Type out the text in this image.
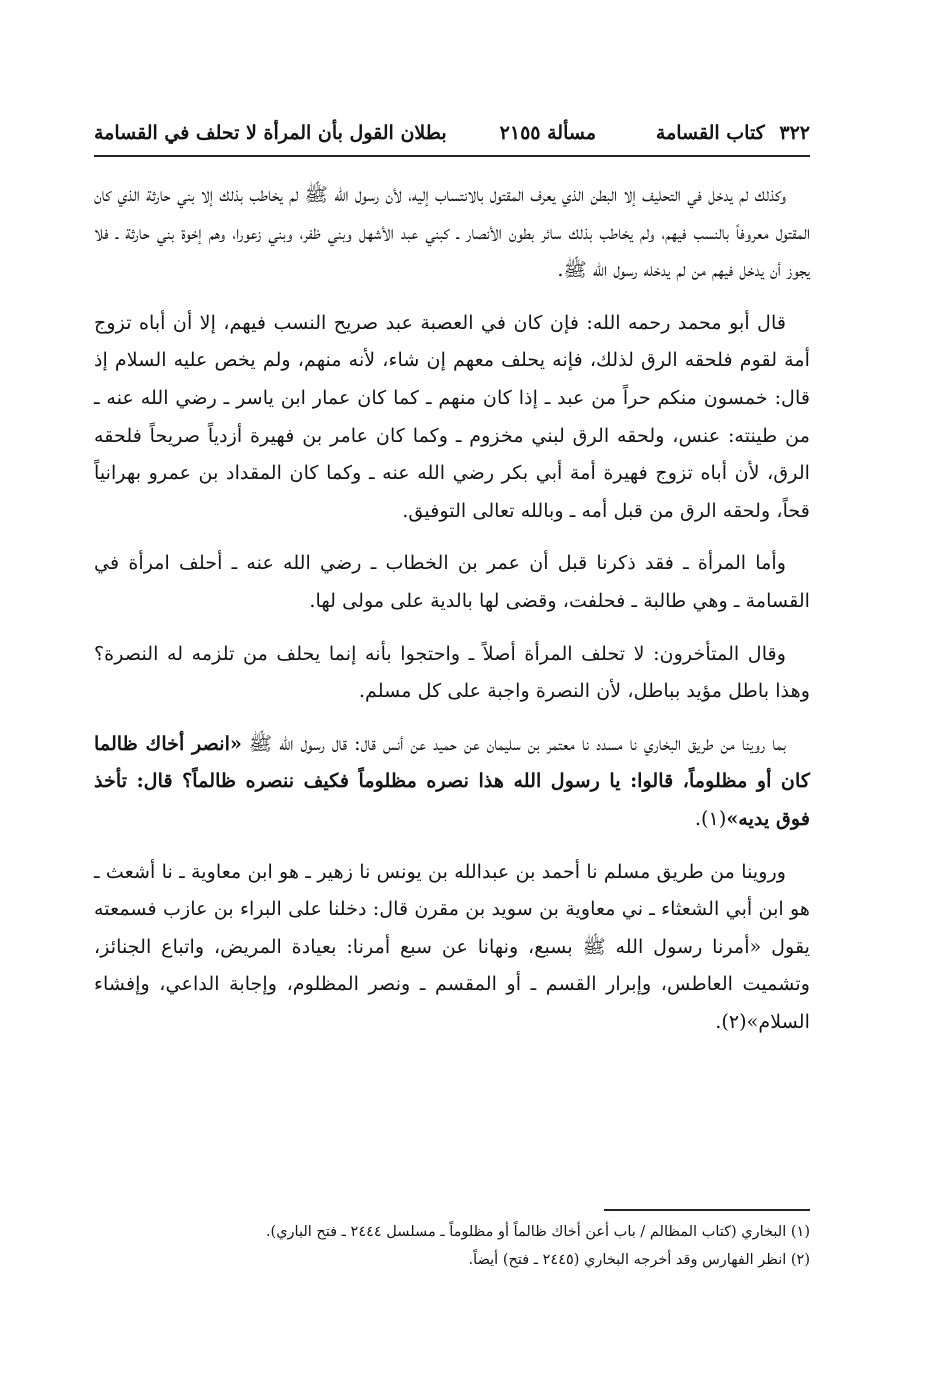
٣٢٢ كتاب القسامة
مسألة ٢١٥٥
بطلان القول بأن المرأة لا تحلف في القسامة

وكذلك لم يدخل في التحليف إلا البطن الذي يعرف المقتول بالانتساب إليه، لأن رسول الله ﷺ لم يخاطب بذلك إلا بني حارثة الذي كان المقتول معروفاً بالنسب فيهم، ولم يخاطب بذلك سائر بطون الأنصار ـ كبني عبد الأشهل وبني ظفر، وبني زعورا، وهم إخوة بني حارثة ـ فلا يجوز أن يدخل فيهم من لم يدخله رسول الله ﷺ.

قال أبو محمد رحمه الله: فإن كان في العصبة عبد صريح النسب فيهم، إلا أن أباه تزوج أمة لقوم فلحقه الرق لذلك، فإنه يحلف معهم إن شاء، لأنه منهم، ولم يخص عليه السلام إذ قال: خمسون منكم حراً من عبد ـ إذا كان منهم ـ كما كان عمار ابن ياسر ـ رضي الله عنه ـ من طينته: عنس، ولحقه الرق لبني مخزوم ـ وكما كان عامر بن فهيرة أزدياً صريحاً فلحقه الرق، لأن أباه تزوج فهيرة أمة أبي بكر رضي الله عنه ـ وكما كان المقداد بن عمرو بهرانياً قحاً، ولحقه الرق من قبل أمه ـ وبالله تعالى التوفيق.

وأما المرأة ـ فقد ذكرنا قبل أن عمر بن الخطاب ـ رضي الله عنه ـ أحلف امرأة في القسامة ـ وهي طالبة ـ فحلفت، وقضى لها بالدية على مولى لها.

وقال المتأخرون: لا تحلف المرأة أصلاً ـ واحتجوا بأنه إنما يحلف من تلزمه له النصرة؟ وهذا باطل مؤيد بباطل، لأن النصرة واجبة على كل مسلم.

بما روينا من طريق البخاري نا مسدد نا معتمر بن سليمان عن حميد عن أنس قال: قال رسول الله ﷺ «انصر أخاك ظالما كان أو مظلوماً، قالوا: يا رسول الله هذا نصره مظلوماً فكيف ننصره ظالماً؟ قال: تأخذ فوق يديه»(١).

وروينا من طريق مسلم نا أحمد بن عبدالله بن يونس نا زهير ـ هو ابن معاوية ـ نا أشعث ـ هو ابن أبي الشعثاء ـ ني معاوية بن سويد بن مقرن قال: دخلنا على البراء بن عازب فسمعته يقول «أمرنا رسول الله ﷺ بسبع، ونهانا عن سبع أمرنا: بعيادة المريض، واتباع الجنائز، وتشميت العاطس، وإبرار القسم ـ أو المقسم ـ ونصر المظلوم، وإجابة الداعي، وإفشاء السلام»(٢).

(١) البخاري (كتاب المظالم / باب أعن أخاك ظالماً أو مظلوماً ـ مسلسل ٢٤٤٤ ـ فتح الباري).

(٢) انظر الفهارس وقد أخرجه البخاري (٢٤٤٥ ـ فتح) أيضاً.
